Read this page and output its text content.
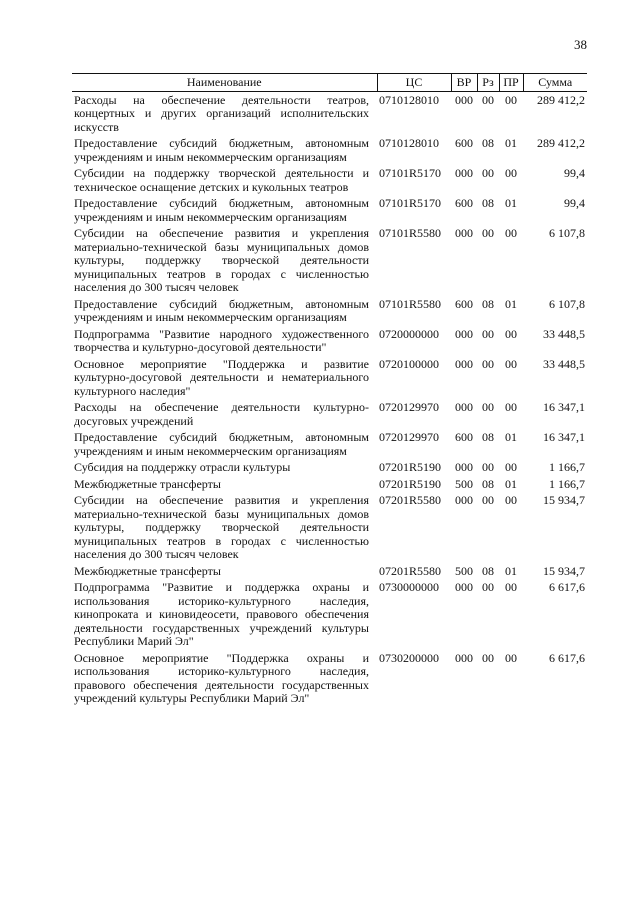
38
Наименование	ЦС	ВР	Рз	ПР	Сумма
Расходы на обеспечение деятельности театров, концертных и других организаций исполнительских искусств	0710128010	000	00	00	289 412,2
Предоставление субсидий бюджетным, автономным учреждениям и иным некоммерческим организациям	0710128010	600	08	01	289 412,2
Субсидии на поддержку творческой деятельности и техническое оснащение детских и кукольных театров	07101R5170	000	00	00	99,4
Предоставление субсидий бюджетным, автономным учреждениям и иным некоммерческим организациям	07101R5170	600	08	01	99,4
Субсидии на обеспечение развития и укрепления материально-технической базы муниципальных домов культуры, поддержку творческой деятельности муниципальных театров в городах с численностью населения до 300 тысяч человек	07101R5580	000	00	00	6 107,8
Предоставление субсидий бюджетным, автономным учреждениям и иным некоммерческим организациям	07101R5580	600	08	01	6 107,8
Подпрограмма "Развитие народного художественного творчества и культурно-досуговой деятельности"	0720000000	000	00	00	33 448,5
Основное мероприятие "Поддержка и развитие культурно-досуговой деятельности и нематериального культурного наследия"	0720100000	000	00	00	33 448,5
Расходы на обеспечение деятельности культурно-досуговых учреждений	0720129970	000	00	00	16 347,1
Предоставление субсидий бюджетным, автономным учреждениям и иным некоммерческим организациям	0720129970	600	08	01	16 347,1
Субсидия на поддержку отрасли культуры	07201R5190	000	00	00	1 166,7
Межбюджетные трансферты	07201R5190	500	08	01	1 166,7
Субсидии на обеспечение развития и укрепления материально-технической базы муниципальных домов культуры, поддержку творческой деятельности муниципальных театров в городах с численностью населения до 300 тысяч человек	07201R5580	000	00	00	15 934,7
Межбюджетные трансферты	07201R5580	500	08	01	15 934,7
Подпрограмма "Развитие и поддержка охраны и использования историко-культурного наследия, кинопроката и киновидеосети, правового обеспечения деятельности государственных учреждений культуры Республики Марий Эл"	0730000000	000	00	00	6 617,6
Основное мероприятие "Поддержка охраны и использования историко-культурного наследия, правового обеспечения деятельности государственных учреждений культуры Республики Марий Эл"	0730200000	000	00	00	6 617,6
